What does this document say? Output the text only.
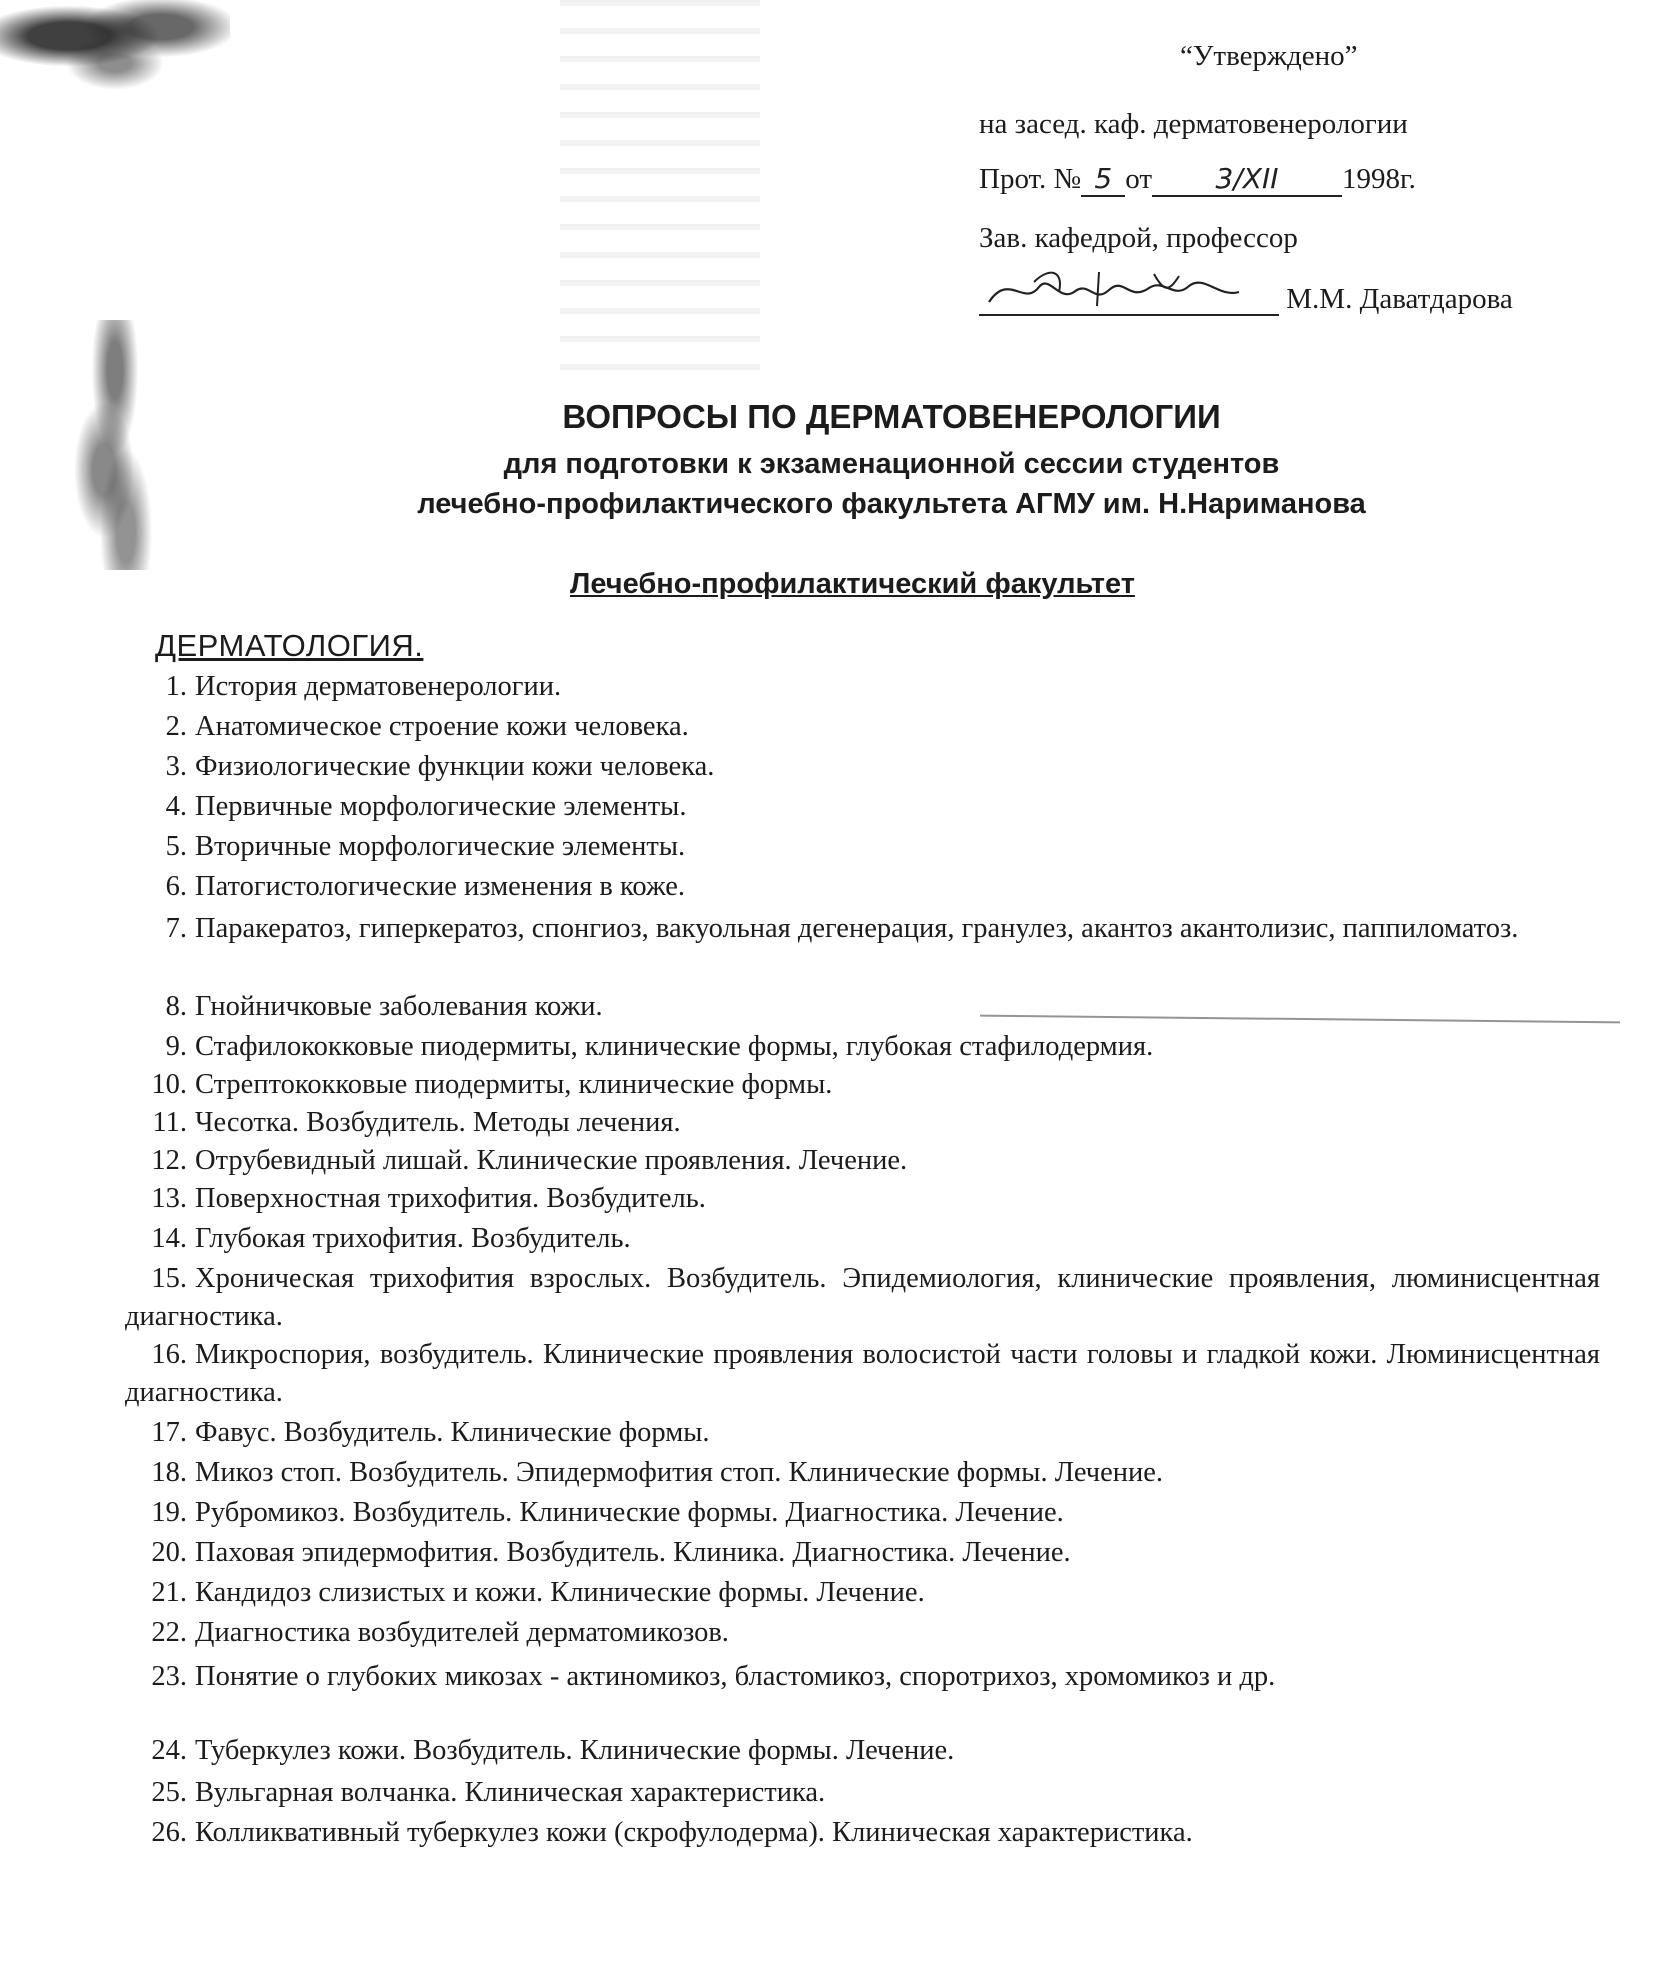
“Утверждено”
на засед. каф. дерматовенерологии
Прот. № 5 от 3/XII 1998г.
Зав. кафедрой, профессор
М.М. Даватдарова
ВОПРОСЫ ПО ДЕРМАТОВЕНЕРОЛОГИИ
для подготовки к экзаменационной сессии студентов
лечебно-профилактического факультета АГМУ им. Н.Нариманова
Лечебно-профилактический факультет
ДЕРМАТОЛОГИЯ.
1. История дерматовенерологии.
2. Анатомическое строение кожи человека.
3. Физиологические функции кожи человека.
4. Первичные морфологические элементы.
5. Вторичные морфологические элементы.
6. Патогистологические изменения в коже.
7. Паракератоз, гиперкератоз, спонгиоз, вакуольная дегенерация, гранулез, акантоз акантолизис, паппиломатоз.
8. Гнойничковые заболевания кожи.
9. Стафилококковые пиодермиты, клинические формы, глубокая стафилодермия.
10. Стрептококковые пиодермиты, клинические формы.
11. Чесотка. Возбудитель. Методы лечения.
12. Отрубевидный лишай. Клинические проявления. Лечение.
13. Поверхностная трихофития. Возбудитель.
14. Глубокая трихофития. Возбудитель.
15. Хроническая трихофития взрослых. Возбудитель. Эпидемиология, клинические проявления, люминисцентная диагностика.
16. Микроспория, возбудитель. Клинические проявления волосистой части головы и гладкой кожи. Люминисцентная диагностика.
17. Фавус. Возбудитель. Клинические формы.
18. Микоз стоп. Возбудитель. Эпидермофития стоп. Клинические формы. Лечение.
19. Рубромикоз. Возбудитель. Клинические формы. Диагностика. Лечение.
20. Паховая эпидермофития. Возбудитель. Клиника. Диагностика. Лечение.
21. Кандидоз слизистых и кожи. Клинические формы. Лечение.
22. Диагностика возбудителей дерматомикозов.
23. Понятие о глубоких микозах - актиномикоз, бластомикоз, споротрихоз, хромомикоз и др.
24. Туберкулез кожи. Возбудитель. Клинические формы. Лечение.
25. Вульгарная волчанка. Клиническая характеристика.
26. Колликвативный туберкулез кожи (скрофулодерма). Клиническая характеристика.
